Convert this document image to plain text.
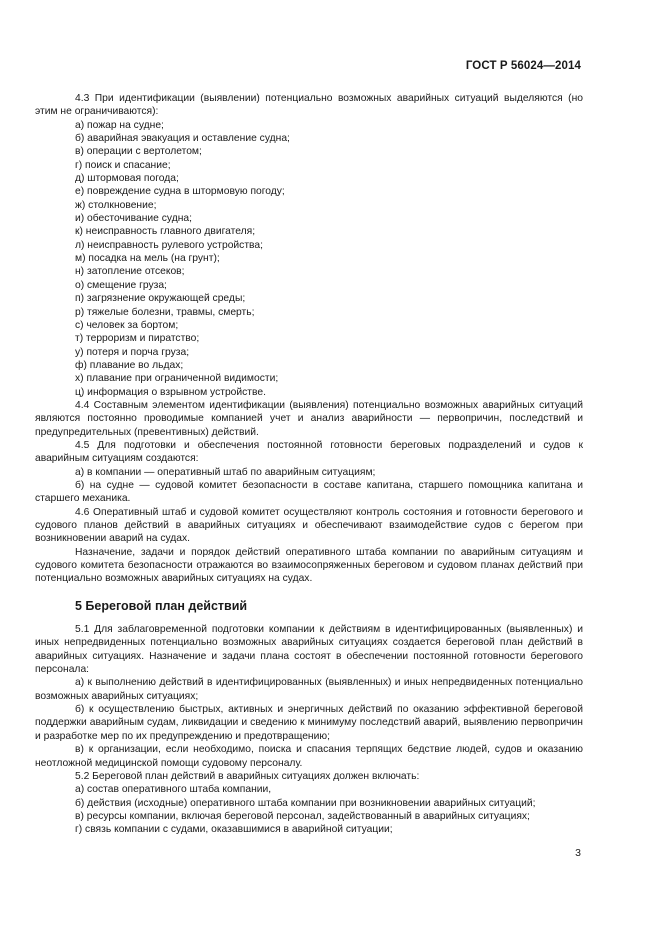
ГОСТ Р 56024—2014

4.3 При идентификации (выявлении) потенциально возможных аварийных ситуаций выделяются (но этим не ограничиваются):

а) пожар на судне;

б) аварийная эвакуация и оставление судна;

в) операции с вертолетом;

г) поиск и спасание;

д) штормовая погода;

е) повреждение судна в штормовую погоду;

ж) столкновение;

и) обесточивание судна;

к) неисправность главного двигателя;

л) неисправность рулевого устройства;

м) посадка на мель (на грунт);

н) затопление отсеков;

о) смещение груза;

п) загрязнение окружающей среды;

р) тяжелые болезни, травмы, смерть;

с) человек за бортом;

т) терроризм и пиратство;

у) потеря и порча груза;

ф) плавание во льдах;

х) плавание при ограниченной видимости;

ц) информация о взрывном устройстве.

4.4 Составным элементом идентификации (выявления) потенциально возможных аварийных ситуаций являются постоянно проводимые компанией учет и анализ аварийности — первопричин, последствий и предупредительных (превентивных) действий.

4.5 Для подготовки и обеспечения постоянной готовности береговых подразделений и судов к аварийным ситуациям создаются:

а) в компании — оперативный штаб по аварийным ситуациям;

б) на судне — судовой комитет безопасности в составе капитана, старшего помощника капитана и старшего механика.

4.6 Оперативный штаб и судовой комитет осуществляют контроль состояния и готовности берегового и судового планов действий в аварийных ситуациях и обеспечивают взаимодействие судов с берегом при возникновении аварий на судах.

Назначение, задачи и порядок действий оперативного штаба компании по аварийным ситуациям и судового комитета безопасности отражаются во взаимосопряженных береговом и судовом планах действий при потенциально возможных аварийных ситуациях на судах.

5 Береговой план действий

5.1 Для заблаговременной подготовки компании к действиям в идентифицированных (выявленных) и иных непредвиденных потенциально возможных аварийных ситуациях создается береговой план действий в аварийных ситуациях. Назначение и задачи плана состоят в обеспечении постоянной готовности берегового персонала:

а) к выполнению действий в идентифицированных (выявленных) и иных непредвиденных потенциально возможных аварийных ситуациях;

б) к осуществлению быстрых, активных и энергичных действий по оказанию эффективной береговой поддержки аварийным судам, ликвидации и сведению к минимуму последствий аварий, выявлению первопричин и разработке мер по их предупреждению и предотвращению;

в) к организации, если необходимо, поиска и спасания терпящих бедствие людей, судов и оказанию неотложной медицинской помощи судовому персоналу.

5.2 Береговой план действий в аварийных ситуациях должен включать:

а) состав оперативного штаба компании,

б) действия (исходные) оперативного штаба компании при возникновении аварийных ситуаций;

в) ресурсы компании, включая береговой персонал, задействованный в аварийных ситуациях;

г) связь компании с судами, оказавшимися в аварийной ситуации;

3
